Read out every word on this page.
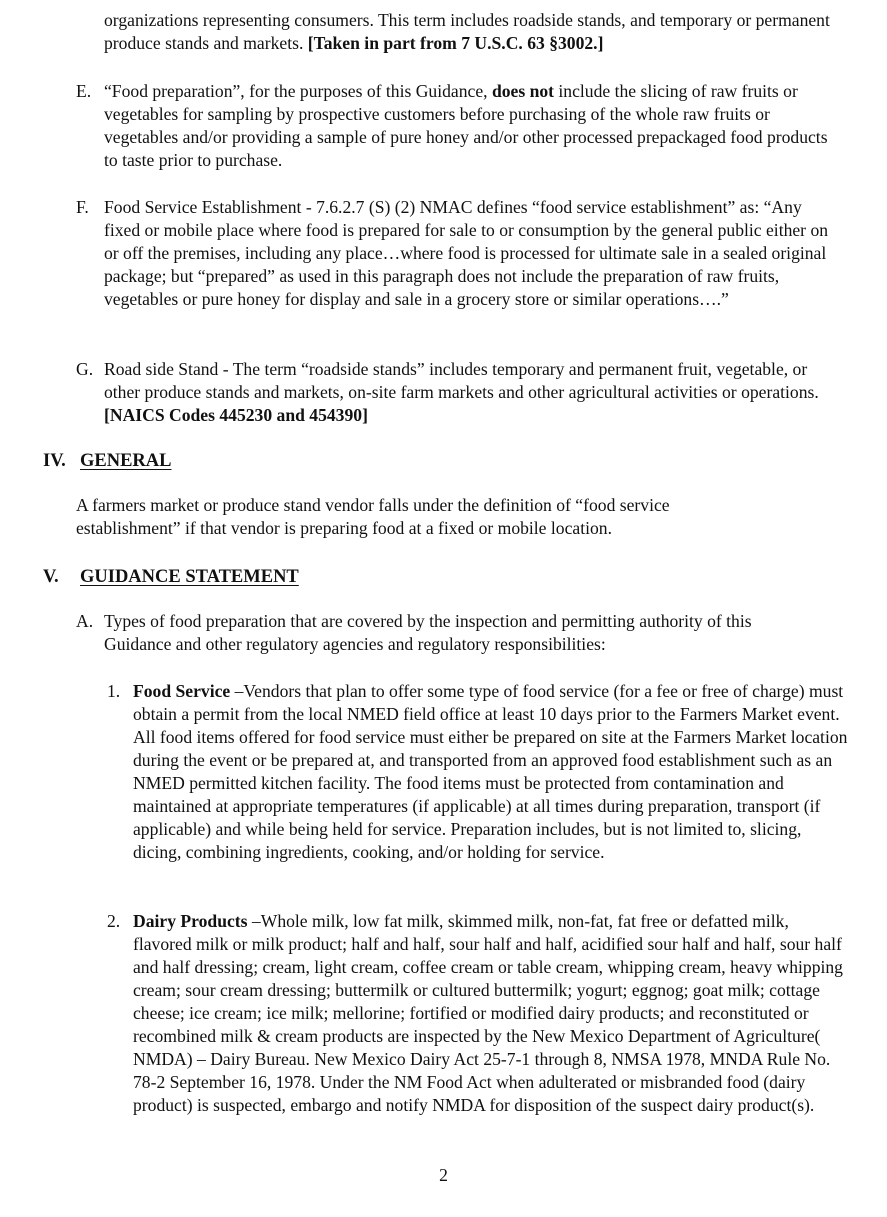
organizations representing consumers. This term includes roadside stands, and temporary or permanent produce stands and markets. [Taken in part from 7 U.S.C. 63 §3002.]

E. “Food preparation”, for the purposes of this Guidance, does not include the slicing of raw fruits or vegetables for sampling by prospective customers before purchasing of the whole raw fruits or vegetables and/or providing a sample of pure honey and/or other processed prepackaged food products to taste prior to purchase.

F. Food Service Establishment - 7.6.2.7 (S) (2) NMAC defines “food service establishment” as: “Any fixed or mobile place where food is prepared for sale to or consumption by the general public either on or off the premises, including any place…where food is processed for ultimate sale in a sealed original package; but “prepared” as used in this paragraph does not include the preparation of raw fruits, vegetables or pure honey for display and sale in a grocery store or similar operations….”

G. Road side Stand - The term “roadside stands” includes temporary and permanent fruit, vegetable, or other produce stands and markets, on-site farm markets and other agricultural activities or operations. [NAICS Codes 445230 and 454390]

IV. GENERAL

A farmers market or produce stand vendor falls under the definition of “food service establishment” if that vendor is preparing food at a fixed or mobile location.

V. GUIDANCE STATEMENT
A. Types of food preparation that are covered by the inspection and permitting authority of this Guidance and other regulatory agencies and regulatory responsibilities:

1. Food Service –Vendors that plan to offer some type of food service (for a fee or free of charge) must obtain a permit from the local NMED field office at least 10 days prior to the Farmers Market event. All food items offered for food service must either be prepared on site at the Farmers Market location during the event or be prepared at, and transported from an approved food establishment such as an NMED permitted kitchen facility. The food items must be protected from contamination and maintained at appropriate temperatures (if applicable) at all times during preparation, transport (if applicable) and while being held for service. Preparation includes, but is not limited to, slicing, dicing, combining ingredients, cooking, and/or holding for service.

2. Dairy Products –Whole milk, low fat milk, skimmed milk, non-fat, fat free or defatted milk, flavored milk or milk product; half and half, sour half and half, acidified sour half and half, sour half and half dressing; cream, light cream, coffee cream or table cream, whipping cream, heavy whipping cream; sour cream dressing; buttermilk or cultured buttermilk; yogurt; eggnog; goat milk; cottage cheese; ice cream; ice milk; mellorine; fortified or modified dairy products; and reconstituted or recombined milk & cream products are inspected by the New Mexico Department of Agriculture( NMDA) – Dairy Bureau. New Mexico Dairy Act 25-7-1 through 8, NMSA 1978, MNDA Rule No. 78-2 September 16, 1978. Under the NM Food Act when adulterated or misbranded food (dairy product) is suspected, embargo and notify NMDA for disposition of the suspect dairy product(s).

2
